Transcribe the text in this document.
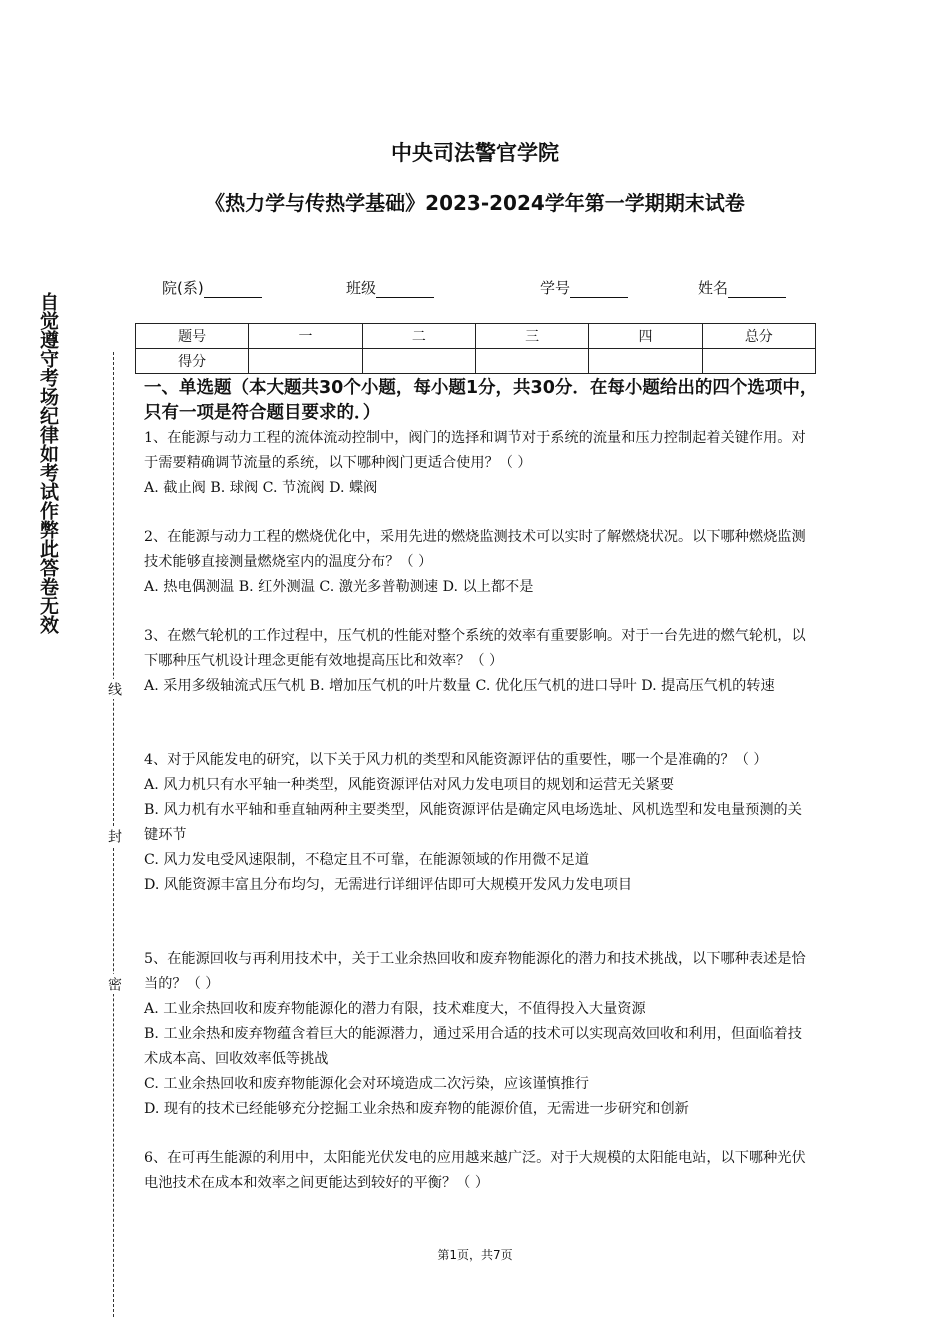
中央司法警官学院
《热力学与传热学基础》2023-2024学年第一学期期末试卷
院(系)	班级	学号	姓名
题号	一	二	三	四	总分
得分					
自觉遵守考场纪律如考试作弊此答卷无效
线
封
密
一、单选题（本大题共30个小题，每小题1分，共30分．在每小题给出的四个选项中，只有一项是符合题目要求的．）

1、在能源与动力工程的流体流动控制中，阀门的选择和调节对于系统的流量和压力控制起着关键作用。对于需要精确调节流量的系统，以下哪种阀门更适合使用？（ ）

A. 截止阀 B. 球阀 C. 节流阀 D. 蝶阀

2、在能源与动力工程的燃烧优化中，采用先进的燃烧监测技术可以实时了解燃烧状况。以下哪种燃烧监测技术能够直接测量燃烧室内的温度分布？（ ）

A. 热电偶测温 B. 红外测温 C. 激光多普勒测速 D. 以上都不是

3、在燃气轮机的工作过程中，压气机的性能对整个系统的效率有重要影响。对于一台先进的燃气轮机，以下哪种压气机设计理念更能有效地提高压比和效率？（ ）

A. 采用多级轴流式压气机 B. 增加压气机的叶片数量 C. 优化压气机的进口导叶 D. 提高压气机的转速

4、对于风能发电的研究，以下关于风力机的类型和风能资源评估的重要性，哪一个是准确的？（ ）

A. 风力机只有水平轴一种类型，风能资源评估对风力发电项目的规划和运营无关紧要

B. 风力机有水平轴和垂直轴两种主要类型，风能资源评估是确定风电场选址、风机选型和发电量预测的关键环节

C. 风力发电受风速限制，不稳定且不可靠，在能源领域的作用微不足道

D. 风能资源丰富且分布均匀，无需进行详细评估即可大规模开发风力发电项目

5、在能源回收与再利用技术中，关于工业余热回收和废弃物能源化的潜力和技术挑战，以下哪种表述是恰当的？（ ）

A. 工业余热回收和废弃物能源化的潜力有限，技术难度大，不值得投入大量资源

B. 工业余热和废弃物蕴含着巨大的能源潜力，通过采用合适的技术可以实现高效回收和利用，但面临着技术成本高、回收效率低等挑战

C. 工业余热回收和废弃物能源化会对环境造成二次污染，应该谨慎推行

D. 现有的技术已经能够充分挖掘工业余热和废弃物的能源价值，无需进一步研究和创新

6、在可再生能源的利用中，太阳能光伏发电的应用越来越广泛。对于大规模的太阳能电站，以下哪种光伏电池技术在成本和效率之间更能达到较好的平衡？（ ）

第1页，共7页
